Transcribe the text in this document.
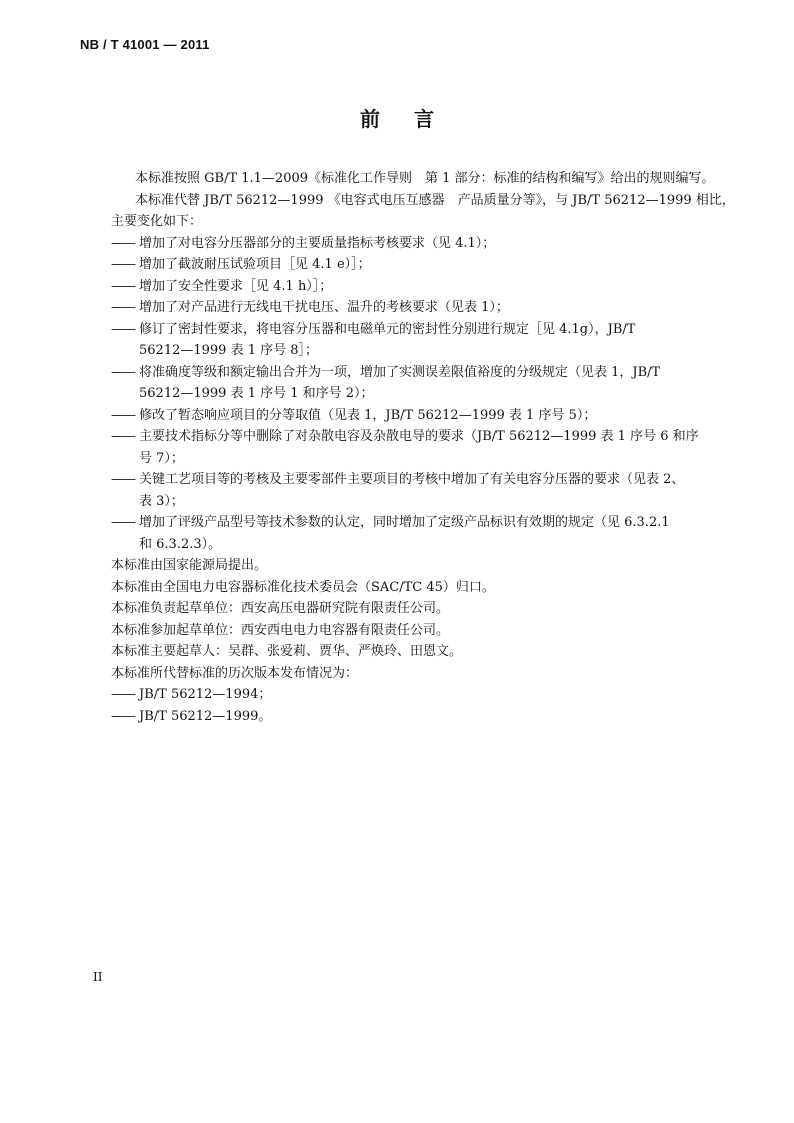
NB / T 41001 — 2011
前言

本标准按照 GB/T 1.1—2009《标准化工作导则　第 1 部分：标准的结构和编写》给出的规则编写。

本标准代替 JB/T 56212—1999 《电容式电压互感器　产品质量分等》，与 JB/T 56212—1999 相比，

主要变化如下：

—— 增加了对电容分压器部分的主要质量指标考核要求（见 4.1）；
—— 增加了截波耐压试验项目［见 4.1 e）］；
—— 增加了安全性要求［见 4.1 h）］；
—— 增加了对产品进行无线电干扰电压、温升的考核要求（见表 1）；
—— 修订了密封性要求，将电容分压器和电磁单元的密封性分别进行规定［见 4.1g），JB/T
56212—1999 表 1 序号 8］；
—— 将准确度等级和额定输出合并为一项，增加了实测误差限值裕度的分级规定（见表 1，JB/T
56212—1999 表 1 序号 1 和序号 2）；
—— 修改了暂态响应项目的分等取值（见表 1，JB/T 56212—1999 表 1 序号 5）；
—— 主要技术指标分等中删除了对杂散电容及杂散电导的要求（JB/T 56212—1999 表 1 序号 6 和序
号 7）；
—— 关键工艺项目等的考核及主要零部件主要项目的考核中增加了有关电容分压器的要求（见表 2、
表 3）；
—— 增加了评级产品型号等技术参数的认定，同时增加了定级产品标识有效期的规定（见 6.3.2.1
和 6.3.2.3）。

本标准由国家能源局提出。

本标准由全国电力电容器标准化技术委员会（SAC/TC 45）归口。

本标准负责起草单位：西安高压电器研究院有限责任公司。

本标准参加起草单位：西安西电电力电容器有限责任公司。

本标准主要起草人：吴群、张爱莉、贾华、严焕玲、田恩文。

本标准所代替标准的历次版本发布情况为：

—— JB/T 56212—1994；
—— JB/T 56212—1999。
II
